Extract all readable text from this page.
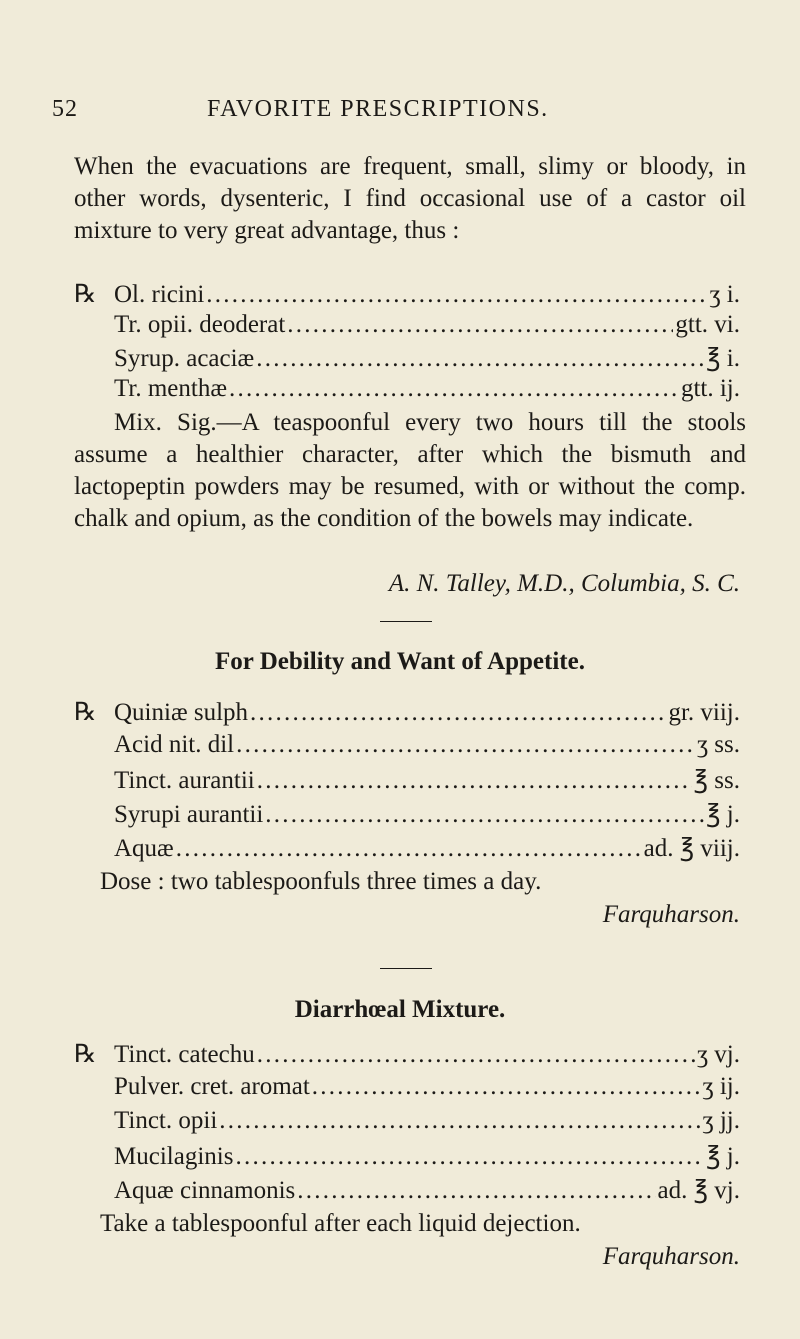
52	FAVORITE PRESCRIPTIONS.
When the evacuations are frequent, small, slimy or bloody, in other words, dysenteric, I find occasional use of a castor oil mixture to very great advantage, thus :
℞ Ol. ricini . . .	ʒ i.
Tr. opii. deoderat . . .	gtt. vi.
Syrup. acaciæ . . .	℥ i.
Tr. menthæ . . .	gtt. ij.
Mix. Sig.—A teaspoonful every two hours till the stools assume a healthier character, after which the bismuth and lactopeptin powders may be resumed, with or without the comp. chalk and opium, as the condition of the bowels may indicate.
A. N. Talley, M.D., Columbia, S. C.
For Debility and Want of Appetite.
℞ Quiniæ sulph . . .	gr. viij.
Acid nit. dil . . .	ʒ ss.
Tinct. aurantii . . .	℥ ss.
Syrupi aurantii . . .	℥ j.
Aquæ . . .	ad. ℥ viij.
Dose : two tablespoonfuls three times a day.
Farquharson.
Diarrhœal Mixture.
℞ Tinct. catechu . . .	ʒ vj.
Pulver. cret. aromat . . .	ʒ ij.
Tinct. opii . . .	ʒ jj.
Mucilaginis . . .	℥ j.
Aquæ cinnamonis . . .	ad. ℥ vj.
Take a tablespoonful after each liquid dejection.
Farquharson.
